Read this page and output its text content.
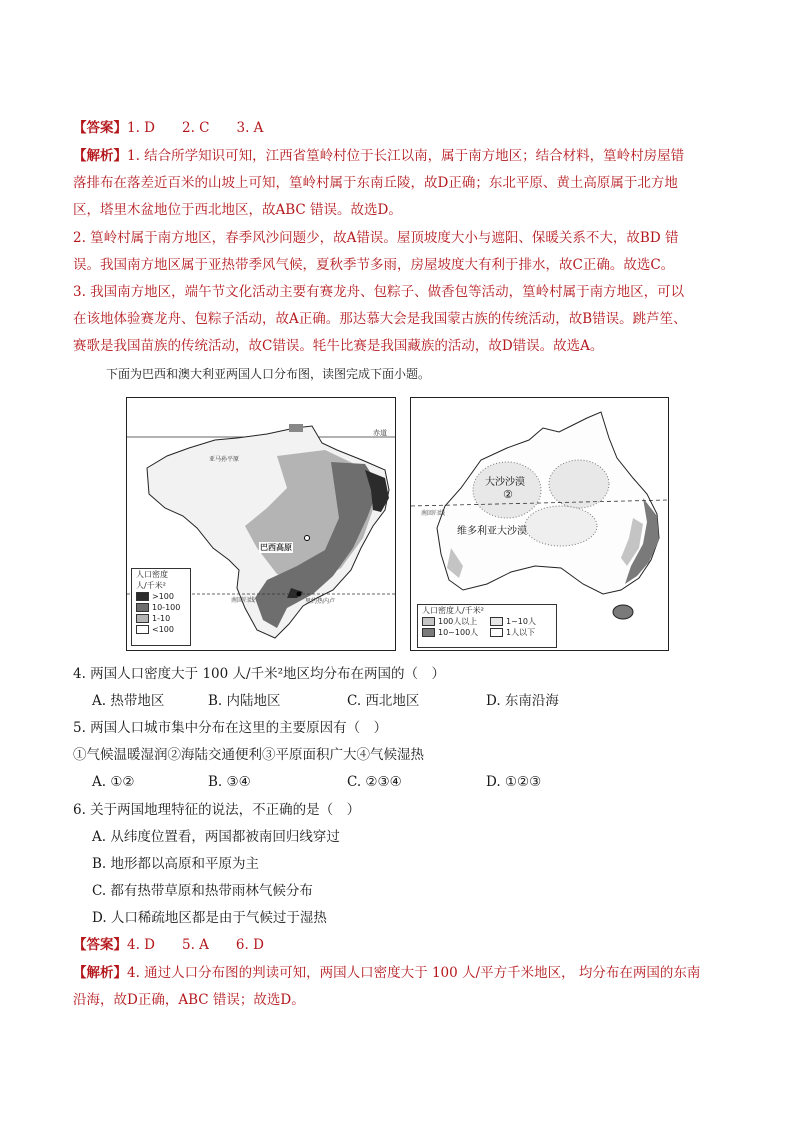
【答案】1. D　　2. C　　3. A
【解析】1. 结合所学知识可知，江西省篁岭村位于长江以南，属于南方地区；结合材料，篁岭村房屋错
落排布在落差近百米的山坡上可知，篁岭村属于东南丘陵，故D正确；东北平原、黄土高原属于北方地
区，塔里木盆地位于西北地区，故ABC 错误。故选D。
2. 篁岭村属于南方地区，春季风沙问题少，故A错误。屋顶坡度大小与遮阳、保暖关系不大，故BD 错
误。我国南方地区属于亚热带季风气候，夏秋季节多雨，房屋坡度大有利于排水，故C正确。故选C。
3. 我国南方地区，端午节文化活动主要有赛龙舟、包粽子、做香包等活动，篁岭村属于南方地区，可以
在该地体验赛龙舟、包粽子活动，故A正确。那达慕大会是我国蒙古族的传统活动，故B错误。跳芦笙、
赛歌是我国苗族的传统活动，故C错误。牦牛比赛是我国藏族的活动，故D错误。故选A。
下面为巴西和澳大利亚两国人口分布图，读图完成下面小题。
赤道
亚马孙平原
巴西高原
南回归线	里约热内卢
人口密度
人/千米²
>100
10-100
1-10
<100
大沙沙漠
②
维多利亚大沙漠
南回归线
人口密度人/千米²
100人以上	1~10人
10~100人	1人以下
4. 两国人口密度大于 100 人/千米²地区均分布在两国的（　）
A. 热带地区	B. 内陆地区	C. 西北地区	D. 东南沿海
5. 两国人口城市集中分布在这里的主要原因有（　）
①气候温暖湿润②海陆交通便利③平原面积广大④气候湿热
A. ①②	B. ③④	C. ②③④	D. ①②③
6. 关于两国地理特征的说法，不正确的是（　）
A. 从纬度位置看，两国都被南回归线穿过
B. 地形都以高原和平原为主
C. 都有热带草原和热带雨林气候分布
D. 人口稀疏地区都是由于气候过于湿热
【答案】4. D　　5. A　　6. D
【解析】4. 通过人口分布图的判读可知，两国人口密度大于 100 人/平方千米地区， 均分布在两国的东南
沿海，故D正确，ABC 错误；故选D。
